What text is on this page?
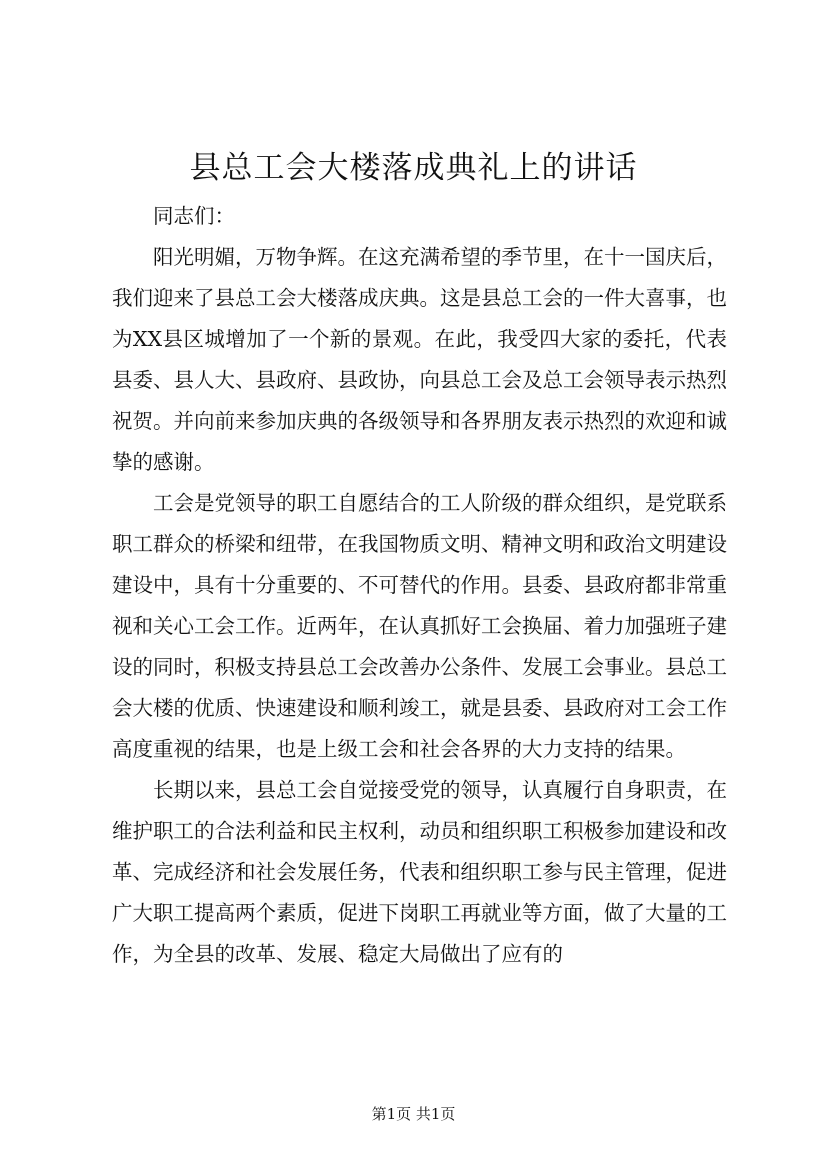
县总工会大楼落成典礼上的讲话

同志们：

阳光明媚，万物争辉。在这充满希望的季节里，在十一国庆后，我们迎来了县总工会大楼落成庆典。这是县总工会的一件大喜事，也为XX县区城增加了一个新的景观。在此，我受四大家的委托，代表县委、县人大、县政府、县政协，向县总工会及总工会领导表示热烈祝贺。并向前来参加庆典的各级领导和各界朋友表示热烈的欢迎和诚挚的感谢。

工会是党领导的职工自愿结合的工人阶级的群众组织，是党联系职工群众的桥梁和纽带，在我国物质文明、精神文明和政治文明建设建设中，具有十分重要的、不可替代的作用。县委、县政府都非常重视和关心工会工作。近两年，在认真抓好工会换届、着力加强班子建设的同时，积极支持县总工会改善办公条件、发展工会事业。县总工会大楼的优质、快速建设和顺利竣工，就是县委、县政府对工会工作高度重视的结果，也是上级工会和社会各界的大力支持的结果。

长期以来，县总工会自觉接受党的领导，认真履行自身职责，在维护职工的合法利益和民主权利，动员和组织职工积极参加建设和改革、完成经济和社会发展任务，代表和组织职工参与民主管理，促进广大职工提高两个素质，促进下岗职工再就业等方面，做了大量的工作，为全县的改革、发展、稳定大局做出了应有的

第1页 共1页
